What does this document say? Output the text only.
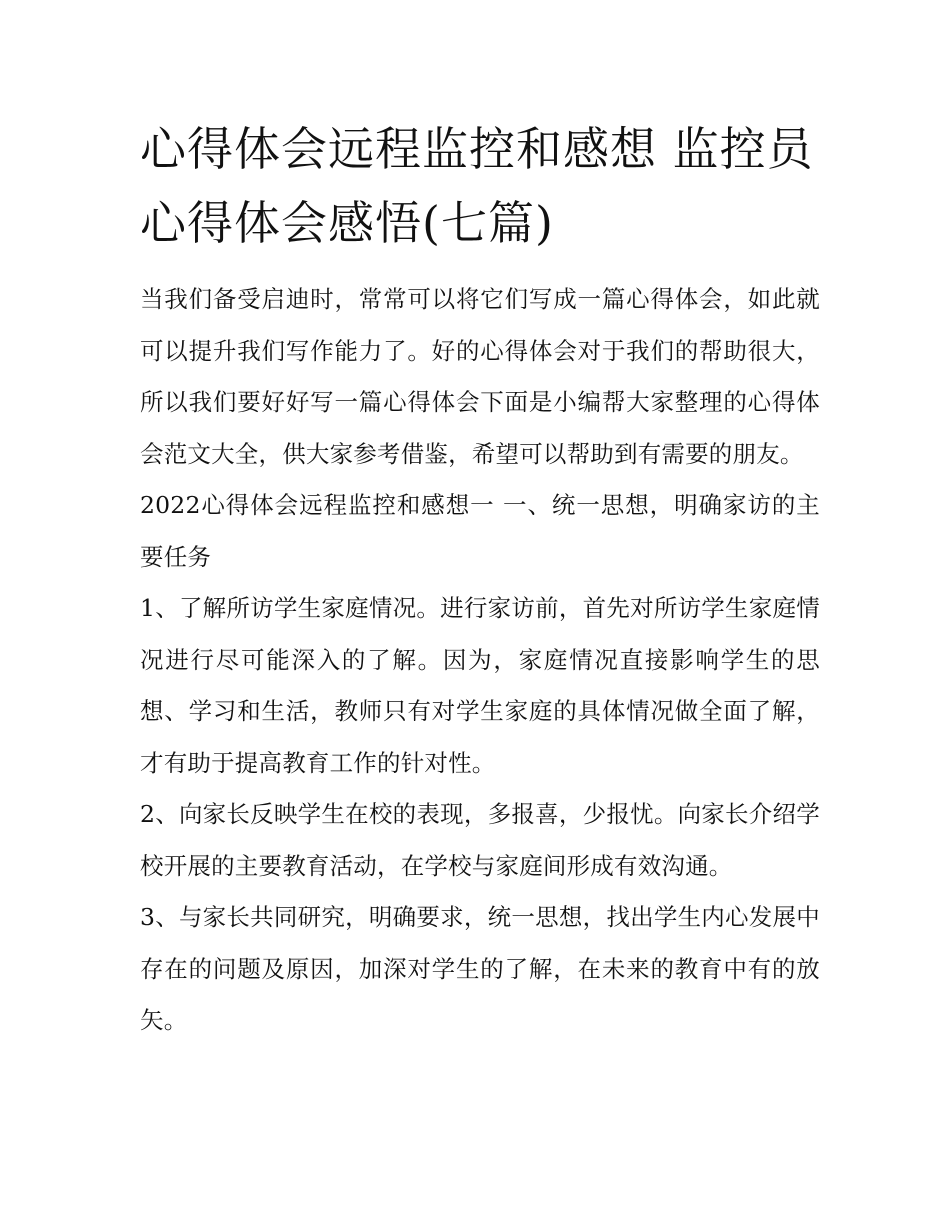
心得体会远程监控和感想 监控员心得体会感悟(七篇)

当我们备受启迪时，常常可以将它们写成一篇心得体会，如此就可以提升我们写作能力了。好的心得体会对于我们的帮助很大，所以我们要好好写一篇心得体会下面是小编帮大家整理的心得体会范文大全，供大家参考借鉴，希望可以帮助到有需要的朋友。

2022心得体会远程监控和感想一 一、统一思想，明确家访的主要任务

1、了解所访学生家庭情况。进行家访前，首先对所访学生家庭情况进行尽可能深入的了解。因为，家庭情况直接影响学生的思想、学习和生活，教师只有对学生家庭的具体情况做全面了解，才有助于提高教育工作的针对性。

2、向家长反映学生在校的表现，多报喜，少报忧。向家长介绍学校开展的主要教育活动，在学校与家庭间形成有效沟通。

3、与家长共同研究，明确要求，统一思想，找出学生内心发展中存在的问题及原因，加深对学生的了解，在未来的教育中有的放矢。
